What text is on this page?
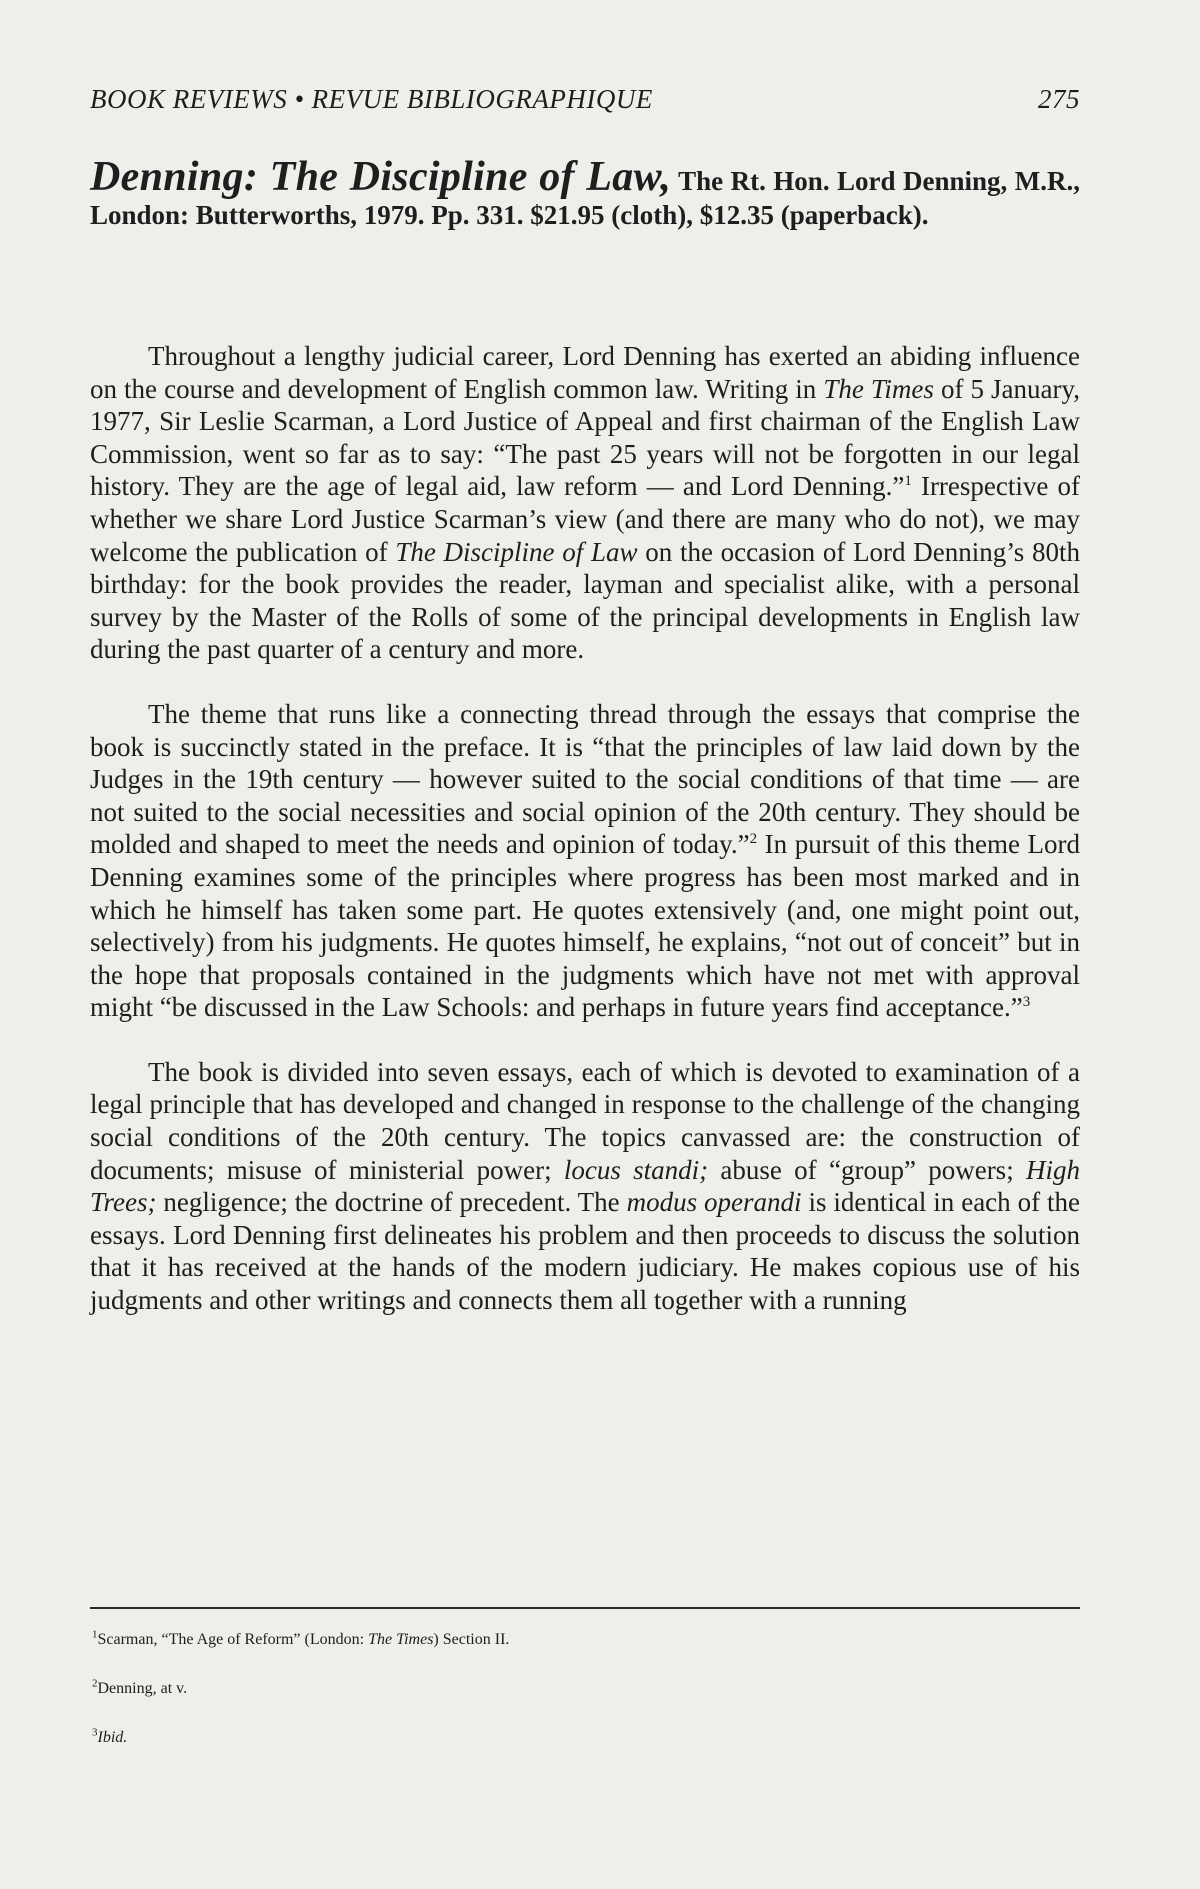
BOOK REVIEWS • REVUE BIBLIOGRAPHIQUE	275
Denning: The Discipline of Law, The Rt. Hon. Lord Denning, M.R., London: Butterworths, 1979. Pp. 331. $21.95 (cloth), $12.35 (paperback).

Throughout a lengthy judicial career, Lord Denning has exerted an abiding influence on the course and development of English common law. Writing in The Times of 5 January, 1977, Sir Leslie Scarman, a Lord Justice of Appeal and first chairman of the English Law Commission, went so far as to say: “The past 25 years will not be forgotten in our legal history. They are the age of legal aid, law reform — and Lord Denning.”$^1$ Irrespective of whether we share Lord Justice Scarman’s view (and there are many who do not), we may welcome the publication of The Discipline of Law on the occasion of Lord Denning’s 80th birthday: for the book provides the reader, layman and specialist alike, with a personal survey by the Master of the Rolls of some of the principal developments in English law during the past quarter of a century and more.

The theme that runs like a connecting thread through the essays that comprise the book is succinctly stated in the preface. It is “that the principles of law laid down by the Judges in the 19th century — however suited to the social conditions of that time — are not suited to the social necessities and social opinion of the 20th century. They should be molded and shaped to meet the needs and opinion of today.”$^2$ In pursuit of this theme Lord Denning examines some of the principles where progress has been most marked and in which he himself has taken some part. He quotes extensively (and, one might point out, selectively) from his judgments. He quotes himself, he explains, “not out of conceit” but in the hope that proposals contained in the judgments which have not met with approval might “be discussed in the Law Schools: and perhaps in future years find acceptance.”$^3$

The book is divided into seven essays, each of which is devoted to examination of a legal principle that has developed and changed in response to the challenge of the changing social conditions of the 20th century. The topics canvassed are: the construction of documents; misuse of ministerial power; locus standi; abuse of “group” powers; High Trees; negligence; the doctrine of precedent. The modus operandi is identical in each of the essays. Lord Denning first delineates his problem and then proceeds to discuss the solution that it has received at the hands of the modern judiciary. He makes copious use of his judgments and other writings and connects them all together with a running

$^1$Scarman, “The Age of Reform” (London: The Times) Section II.
$^2$Denning, at v.
$^3$Ibid.
